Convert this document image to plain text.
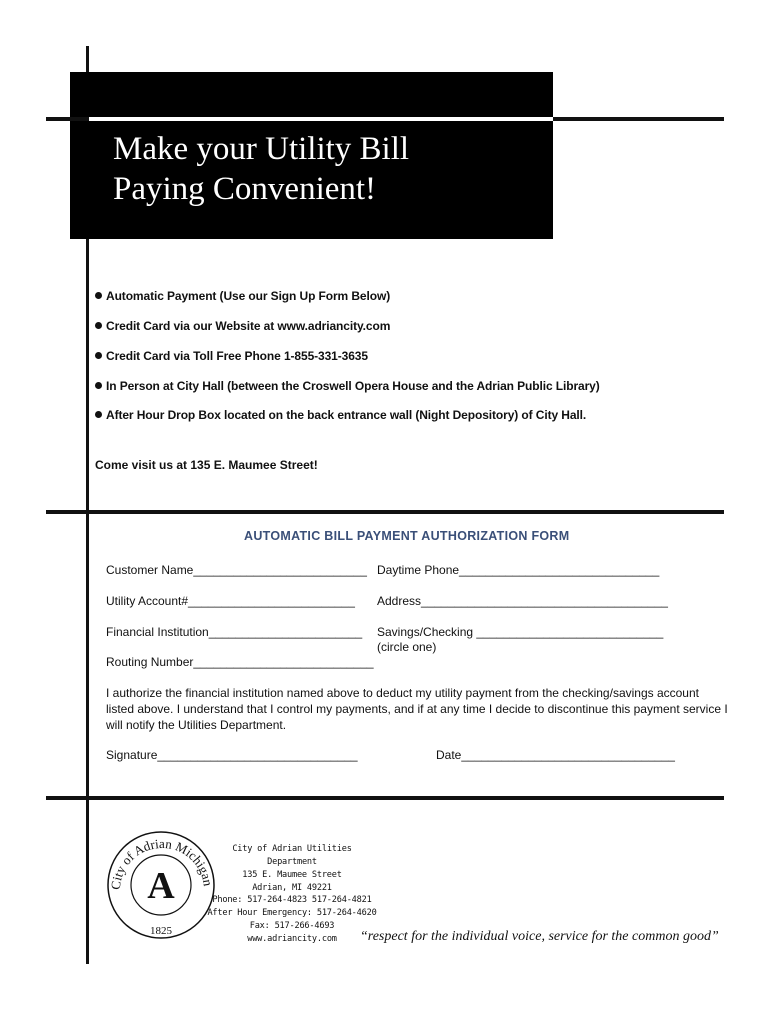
Make your Utility Bill
Paying Convenient!
Automatic Payment (Use our Sign Up Form Below)
Credit Card via our Website at www.adriancity.com
Credit Card via Toll Free Phone 1-855-331-3635
In Person at City Hall (between the Croswell Opera House and the Adrian Public Library)
After Hour Drop Box located on the back entrance wall (Night Depository) of City Hall.
Come visit us at 135 E. Maumee Street!
AUTOMATIC BILL PAYMENT AUTHORIZATION FORM
Customer Name__________________________ Daytime Phone______________________________
Utility Account#_________________________ Address_____________________________________
Financial Institution_______________________ Savings/Checking ____________________________
(circle one)
Routing Number___________________________
I authorize the financial institution named above to deduct my utility payment from the checking/savings account listed above. I understand that I control my payments, and if at any time I decide to discontinue this payment service I will notify the Utilities Department.
Signature______________________________	Date________________________________
City of Adrian Michigan
A
1825
City of Adrian Utilities Department
135 E. Maumee Street
Adrian, MI 49221
Phone: 517-264-4823 517-264-4821
After Hour Emergency: 517-264-4620
Fax: 517-266-4693
www.adriancity.com	“respect for the individual voice, service for the common good”
